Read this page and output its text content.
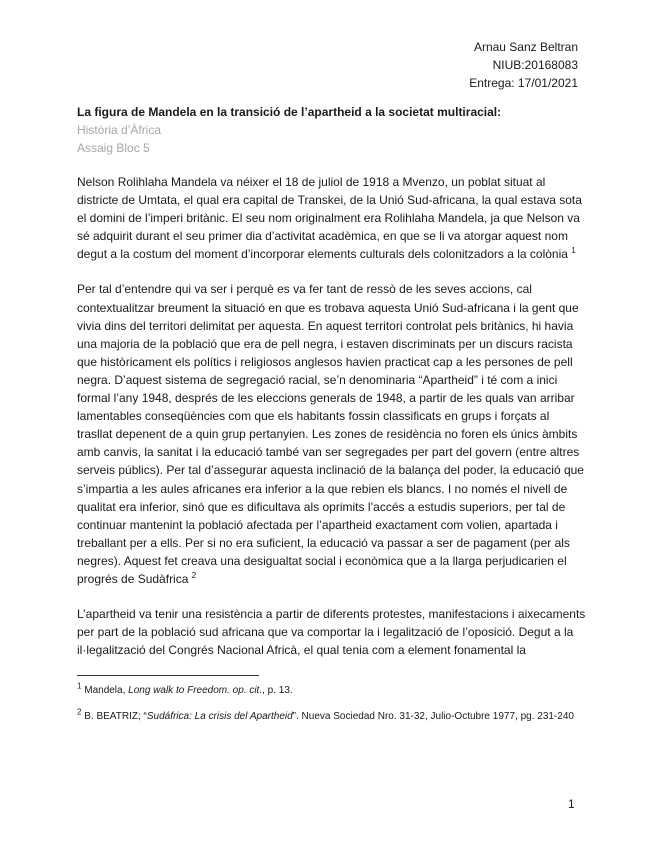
Arnau Sanz Beltran
NIUB:20168083
Entrega: 17/01/2021
La figura de Mandela en la transició de l’apartheid a la societat multiracial:
Història d’Àfrica
Assaig Bloc 5

Nelson Rolihlaha Mandela va néixer el 18 de juliol de 1918 a Mvenzo, un poblat situat al districte de Umtata, el qual era capital de Transkei, de la Unió Sud-africana, la qual estava sota el domini de l’imperi britànic. El seu nom originalment era Rolihlaha Mandela, ja que Nelson va sé adquirit durant el seu primer dia d’activitat acadèmica, en que se li va atorgar aquest nom degut a la costum del moment d’incorporar elements culturals dels colonitzadors a la colònia $^1$

Per tal d’entendre qui va ser i perquè es va fer tant de ressò de les seves accions, cal contextualitzar breument la situació en que es trobava aquesta Unió Sud-africana i la gent que vivia dins del territori delimitat per aquesta. En aquest territori controlat pels britànics, hi havia una majoria de la població que era de pell negra, i estaven discriminats per un discurs racista que històricament els polítics i religiosos anglesos havien practicat cap a les persones de pell negra. D’aquest sistema de segregació racial, se’n denominaria “Apartheid” i té com a inici formal l’any 1948, després de les eleccions generals de 1948, a partir de les quals van arribar lamentables conseqüències com que els habitants fossin classificats en grups i forçats al trasllat depenent de a quin grup pertanyien. Les zones de residència no foren els únics àmbits amb canvis, la sanitat i la educació també van ser segregades per part del govern (entre altres serveis públics). Per tal d’assegurar aquesta inclinació de la balança del poder, la educació que s’impartia a les aules africanes era inferior a la que rebien els blancs. I no només el nivell de qualitat era inferior, sinó que es dificultava als oprimits l’accés a estudis superiors, per tal de continuar mantenint la població afectada per l’apartheid exactament com volien, apartada i treballant per a ells. Per si no era suficient, la educació va passar a ser de pagament (per als negres). Aquest fet creava una desigualtat social i econòmica que a la llarga perjudicarien el progrés de Sudàfrica $^2$

L’apartheid va tenir una resistència a partir de diferents protestes, manifestacions i aixecaments per part de la població sud africana que va comportar la i legalització de l’oposició. Degut a la il·legalització del Congrés Nacional Africà, el qual tenia com a element fonamental la

$^1$ Mandela, Long walk to Freedom. op. cit., p. 13.
$^2$ B. BEATRIZ; “Sudáfrica: La crisis del Apartheid”. Nueva Sociedad Nro. 31-32, Julio-Octubre 1977, pg. 231-240
1
